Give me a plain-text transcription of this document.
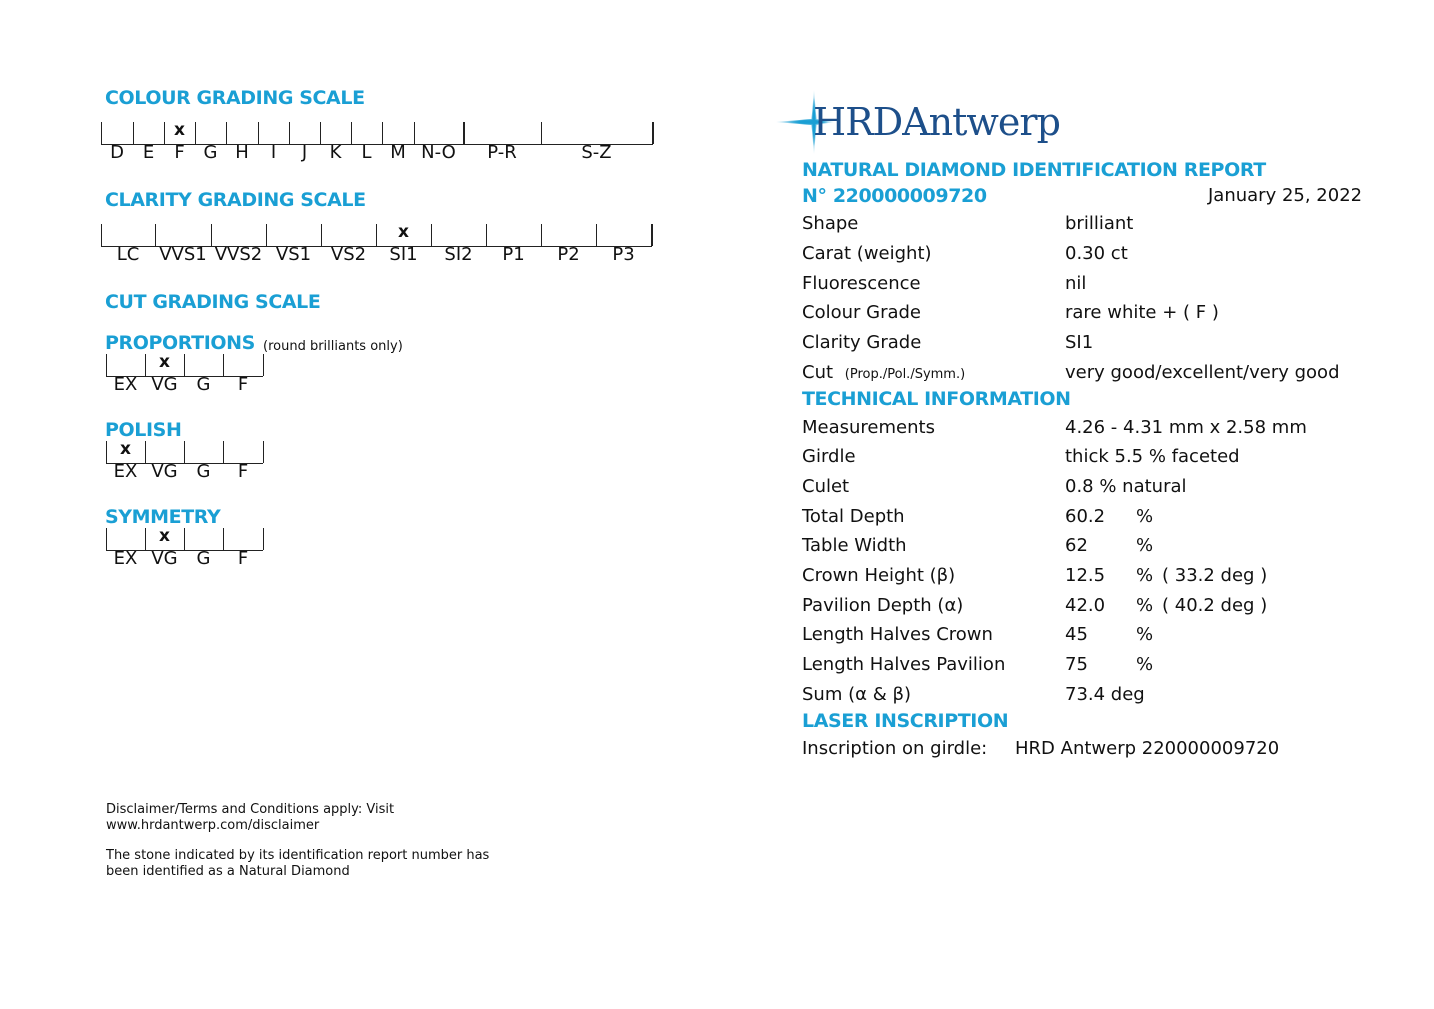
COLOUR GRADING SCALE
D E F
x
G H I J K L M N-O P-R	S-Z
CLARITY GRADING SCALE
LC VVS1 VVS2 VS1 VS2 SI1
x
SI2 P1 P2 P3
CUT GRADING SCALE
PROPORTIONS (round brilliants only)
EX VG
x
G F
POLISH
EX
x
VG G F
SYMMETRY
EX VG
x
G F
Disclaimer/Terms and Conditions apply: Visit
www.hrdantwerp.com/disclaimer
The stone indicated by its identification report number has
been identified as a Natural Diamond
HRDAntwerp
NATURAL DIAMOND IDENTIFICATION REPORT
N° 220000009720	January 25, 2022
Shape	brilliant
Carat (weight)	0.30 ct
Fluorescence	nil
Colour Grade	rare white + ( F )
Clarity Grade	SI1
Cut (Prop./Pol./Symm.)	very good/excellent/very good
TECHNICAL INFORMATION
Measurements	4.26 - 4.31 mm x 2.58 mm
Girdle	thick 5.5 % faceted
Culet	0.8 % natural
Total Depth	60.2 %
Table Width	62	%
Crown Height (β)	12.5 % ( 33.2 deg )
Pavilion Depth (α)	42.0 % ( 40.2 deg )
Length Halves Crown	45	%
Length Halves Pavilion	75	%
Sum (α & β)	73.4 deg
LASER INSCRIPTION
Inscription on girdle: HRD Antwerp 220000009720
